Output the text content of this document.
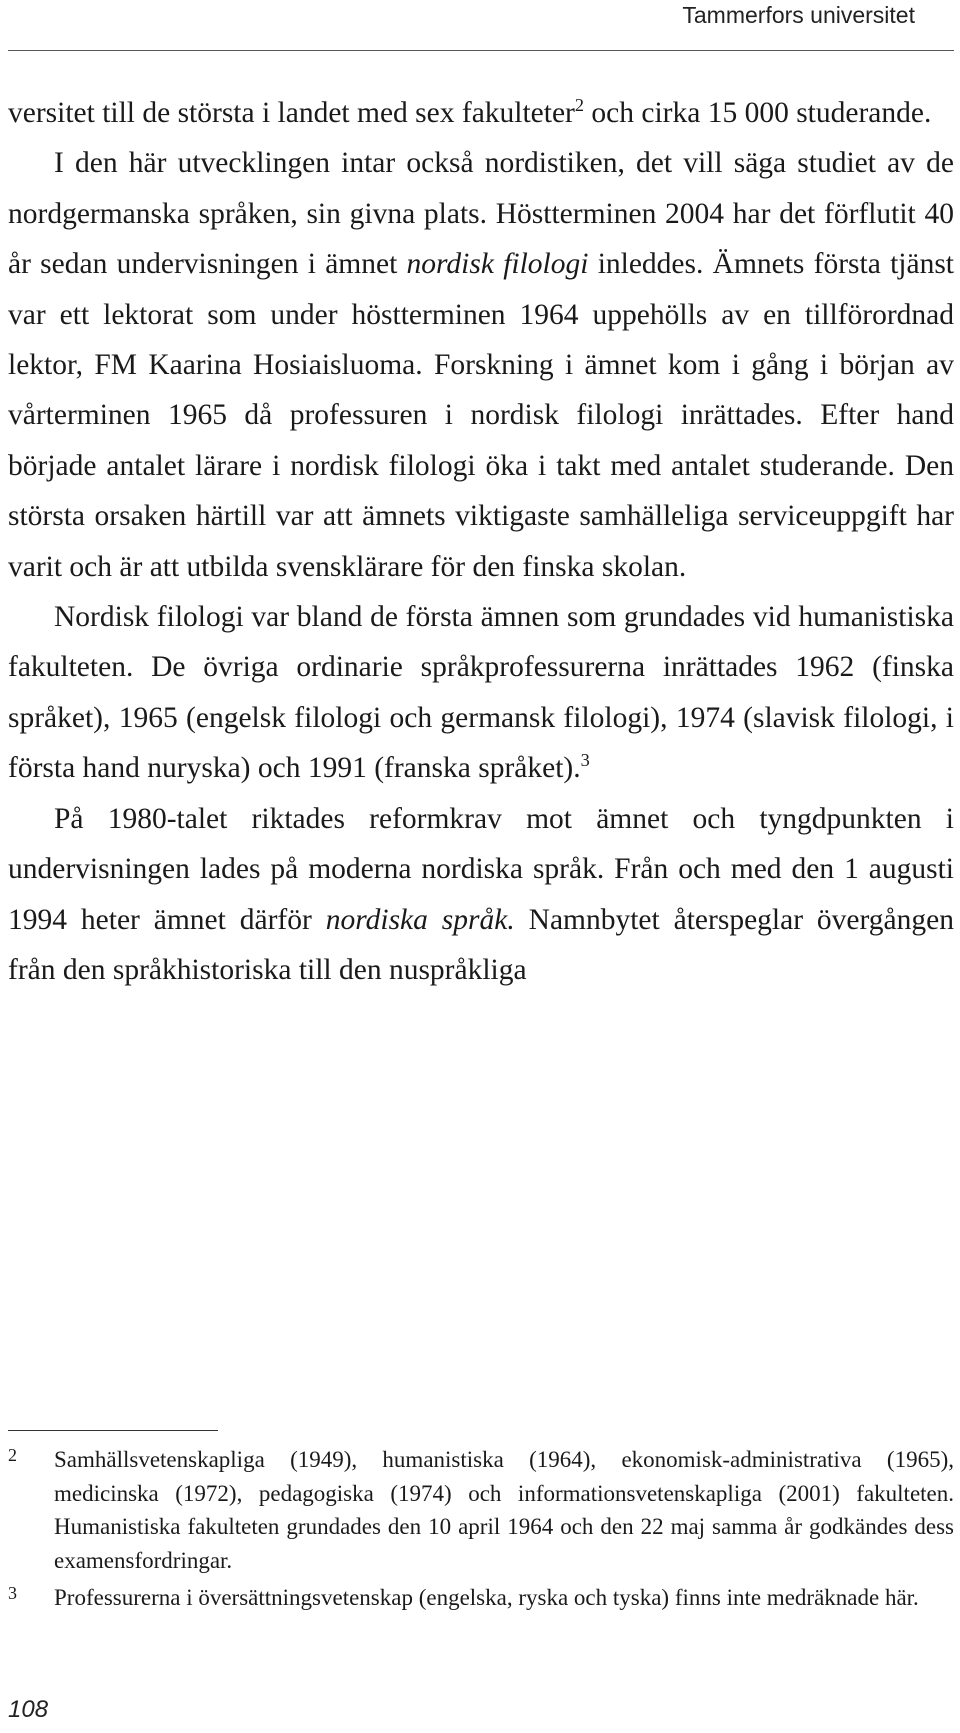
Tammerfors universitet

versitet till de största i landet med sex fakulteter$^2$ och cirka 15 000 studerande.

I den här utvecklingen intar också nordistiken, det vill säga studiet av de nordgermanska språken, sin givna plats. Höstterminen 2004 har det förflutit 40 år sedan undervisningen i ämnet nordisk filologi inleddes. Ämnets första tjänst var ett lektorat som under höstterminen 1964 uppehölls av en tillförordnad lektor, FM Kaarina Hosiaisluoma. Forskning i ämnet kom i gång i början av vårterminen 1965 då professuren i nordisk filologi inrättades. Efter hand började antalet lärare i nordisk filologi öka i takt med antalet studerande. Den största orsaken härtill var att ämnets viktigaste samhälleliga serviceuppgift har varit och är att utbilda svensklärare för den finska skolan.

Nordisk filologi var bland de första ämnen som grundades vid humanistiska fakulteten. De övriga ordinarie språkprofessurerna inrättades 1962 (finska språket), 1965 (engelsk filologi och germansk filologi), 1974 (slavisk filologi, i första hand nuryska) och 1991 (franska språket).$^3$

På 1980-talet riktades reformkrav mot ämnet och tyngdpunkten i undervisningen lades på moderna nordiska språk. Från och med den 1 augusti 1994 heter ämnet därför nordiska språk. Namnbytet återspeglar övergången från den språkhistoriska till den nuspråkliga

2	Samhällsvetenskapliga (1949), humanistiska (1964), ekonomisk-administrativa (1965), medicinska (1972), pedagogiska (1974) och informationsvetenskapliga (2001) fakulteten. Humanistiska fakulteten grundades den 10 april 1964 och den 22 maj samma år godkändes dess examensfordringar.
3	Professurerna i översättningsvetenskap (engelska, ryska och tyska) finns inte medräknade här.
108
